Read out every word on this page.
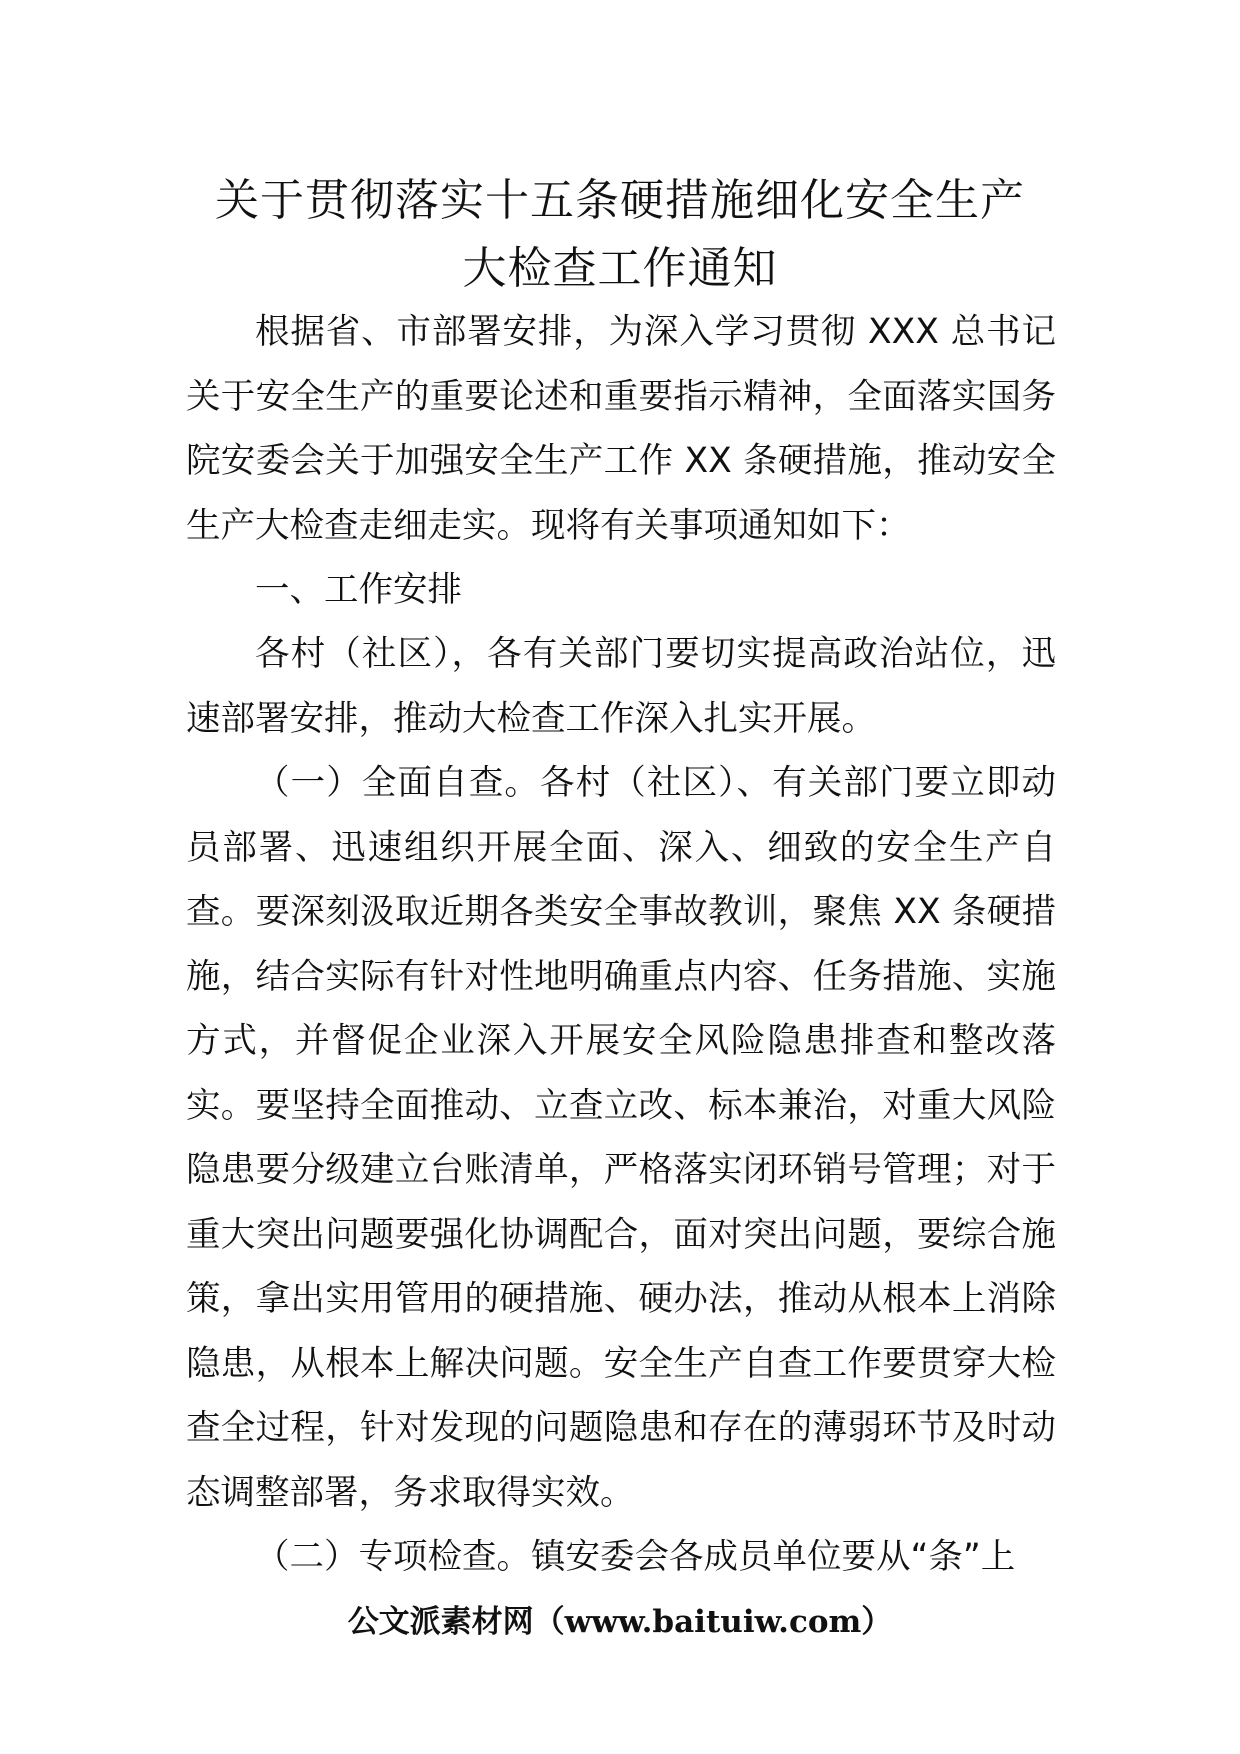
关于贯彻落实十五条硬措施细化安全生产
大检查工作通知

根据省、市部署安排，为深入学习贯彻 XXX 总书记关于安全生产的重要论述和重要指示精神，全面落实国务院安委会关于加强安全生产工作 XX 条硬措施，推动安全生产大检查走细走实。现将有关事项通知如下：

一、工作安排

各村（社区），各有关部门要切实提高政治站位，迅速部署安排，推动大检查工作深入扎实开展。

（一）全面自查。各村（社区）、有关部门要立即动员部署、迅速组织开展全面、深入、细致的安全生产自查。要深刻汲取近期各类安全事故教训，聚焦 XX 条硬措施，结合实际有针对性地明确重点内容、任务措施、实施方式，并督促企业深入开展安全风险隐患排查和整改落实。要坚持全面推动、立查立改、标本兼治，对重大风险隐患要分级建立台账清单，严格落实闭环销号管理；对于重大突出问题要强化协调配合，面对突出问题，要综合施策，拿出实用管用的硬措施、硬办法，推动从根本上消除隐患，从根本上解决问题。安全生产自查工作要贯穿大检查全过程，针对发现的问题隐患和存在的薄弱环节及时动态调整部署，务求取得实效。

（二）专项检查。镇安委会各成员单位要从“条”上

公文派素材网（www.baituiw.com）
